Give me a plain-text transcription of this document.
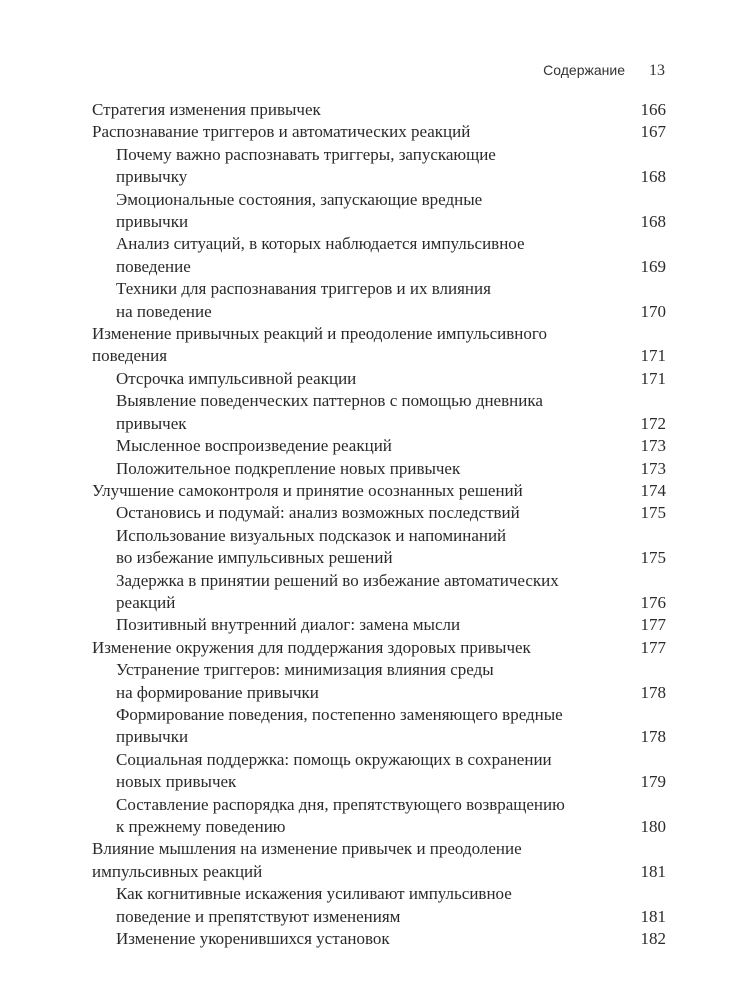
Содержание 13
Стратегия изменения привычек	166
Распознавание триггеров и автоматических реакций	167
Почему важно распознавать триггеры, запускающие
привычку	168
Эмоциональные состояния, запускающие вредные
привычки	168
Анализ ситуаций, в которых наблюдается импульсивное
поведение	169
Техники для распознавания триггеров и их влияния
на поведение	170
Изменение привычных реакций и преодоление импульсивного
поведения	171
Отсрочка импульсивной реакции	171
Выявление поведенческих паттернов с помощью дневника
привычек	172
Мысленное воспроизведение реакций	173
Положительное подкрепление новых привычек	173
Улучшение самоконтроля и принятие осознанных решений	174
Остановись и подумай: анализ возможных последствий	175
Использование визуальных подсказок и напоминаний
во избежание импульсивных решений	175
Задержка в принятии решений во избежание автоматических
реакций	176
Позитивный внутренний диалог: замена мысли	177
Изменение окружения для поддержания здоровых привычек	177
Устранение триггеров: минимизация влияния среды
на формирование привычки	178
Формирование поведения, постепенно заменяющего вредные
привычки	178
Социальная поддержка: помощь окружающих в сохранении
новых привычек	179
Составление распорядка дня, препятствующего возвращению
к прежнему поведению	180
Влияние мышления на изменение привычек и преодоление
импульсивных реакций	181
Как когнитивные искажения усиливают импульсивное
поведение и препятствуют изменениям	181
Изменение укоренившихся установок	182
